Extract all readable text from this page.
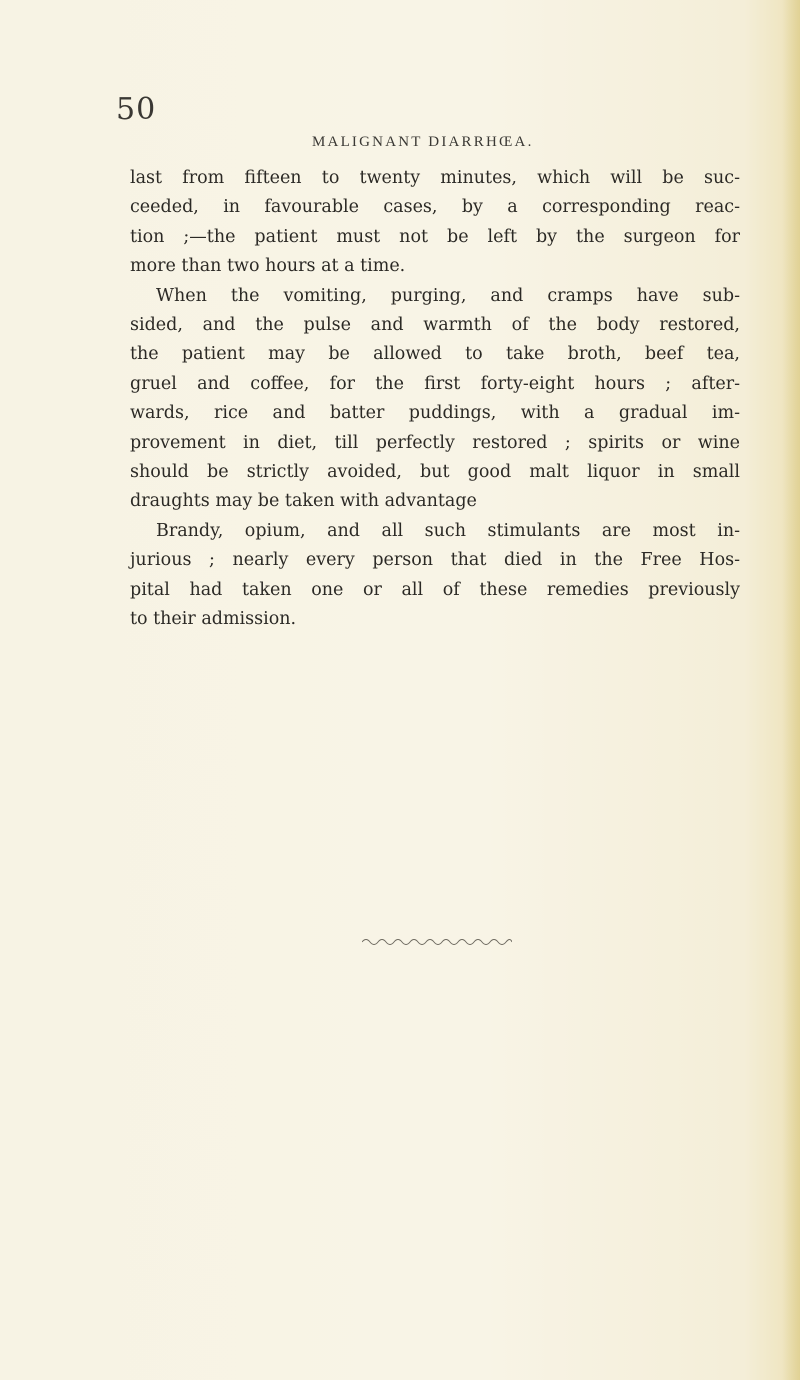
50
MALIGNANT DIARRHŒA.
last from fifteen to twenty minutes, which will be suc-
ceeded, in favourable cases, by a corresponding reac-
tion ;—the patient must not be left by the surgeon for
more than two hours at a time.
When the vomiting, purging, and cramps have sub-
sided, and the pulse and warmth of the body restored,
the patient may be allowed to take broth, beef tea,
gruel and coffee, for the first forty-eight hours ; after-
wards, rice and batter puddings, with a gradual im-
provement in diet, till perfectly restored ; spirits or wine
should be strictly avoided, but good malt liquor in small
draughts may be taken with advantage
Brandy, opium, and all such stimulants are most in-
jurious ; nearly every person that died in the Free Hos-
pital had taken one or all of these remedies previously
to their admission.
